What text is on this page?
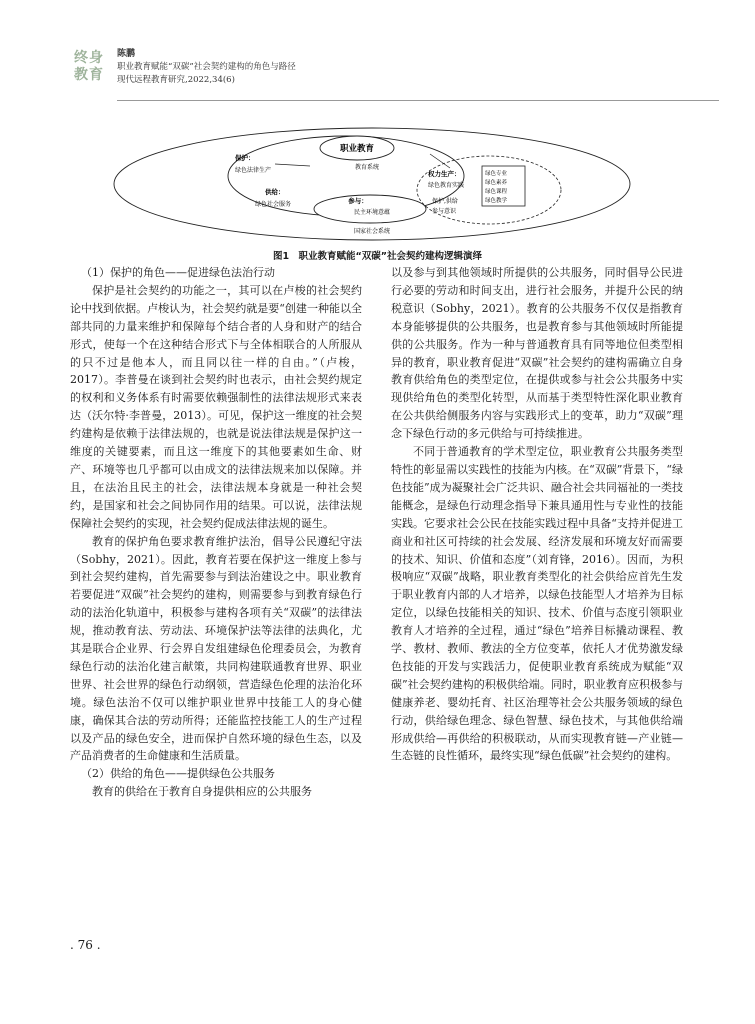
终身
教育
陈鹏
职业教育赋能“双碳”社会契约建构的角色与路径
现代远程教育研究,2022,34(6)
职业教育
教育系统
参与：
民主环境意蕴
保护：
绿色法律生产
供给：
绿色社会服务
权力生产：
绿色教育实践
保护,供给
参与意识
绿色专业
绿色素养
绿色课程
绿色教学
国家社会系统
图1　职业教育赋能“双碳”社会契约建构逻辑演绎

（1）保护的角色——促进绿色法治行动

保护是社会契约的功能之一，其可以在卢梭的社会契约论中找到依据。卢梭认为，社会契约就是要“创建一种能以全部共同的力量来维护和保障每个结合者的人身和财产的结合形式，使每一个在这种结合形式下与全体相联合的人所服从的只不过是他本人，而且同以往一样的自由。”（卢梭，2017）。李普曼在谈到社会契约时也表示，由社会契约规定的权利和义务体系有时需要依赖强制性的法律法规形式来表达（沃尔特·李普曼，2013）。可见，保护这一维度的社会契约建构是依赖于法律法规的，也就是说法律法规是保护这一维度的关键要素，而且这一维度下的其他要素如生命、财产、环境等也几乎都可以由成文的法律法规来加以保障。并且，在法治且民主的社会，法律法规本身就是一种社会契约，是国家和社会之间协同作用的结果。可以说，法律法规保障社会契约的实现，社会契约促成法律法规的诞生。

教育的保护角色要求教育维护法治，倡导公民遵纪守法（Sobhy，2021）。因此，教育若要在保护这一维度上参与到社会契约建构，首先需要参与到法治建设之中。职业教育若要促进“双碳”社会契约的建构，则需要参与到教育绿色行动的法治化轨道中，积极参与建构各项有关“双碳”的法律法规，推动教育法、劳动法、环境保护法等法律的法典化，尤其是联合企业界、行会界自发组建绿色伦理委员会，为教育绿色行动的法治化建言献策，共同构建联通教育世界、职业世界、社会世界的绿色行动纲领，营造绿色伦理的法治化环境。绿色法治不仅可以维护职业世界中技能工人的身心健康，确保其合法的劳动所得；还能监控技能工人的生产过程以及产品的绿色安全，进而保护自然环境的绿色生态，以及产品消费者的生命健康和生活质量。

（2）供给的角色——提供绿色公共服务

教育的供给在于教育自身提供相应的公共服务

以及参与到其他领域时所提供的公共服务，同时倡导公民进行必要的劳动和时间支出，进行社会服务，并提升公民的纳税意识（Sobhy，2021）。教育的公共服务不仅仅是指教育本身能够提供的公共服务，也是教育参与其他领域时所能提供的公共服务。作为一种与普通教育具有同等地位但类型相异的教育，职业教育促进“双碳”社会契约的建构需确立自身教育供给角色的类型定位，在提供或参与社会公共服务中实现供给角色的类型化转型，从而基于类型特性深化职业教育在公共供给侧服务内容与实践形式上的变革，助力“双碳”理念下绿色行动的多元供给与可持续推进。

不同于普通教育的学术型定位，职业教育公共服务类型特性的彰显需以实践性的技能为内核。在“双碳”背景下，“绿色技能”成为凝聚社会广泛共识、融合社会共同福祉的一类技能概念，是绿色行动理念指导下兼具通用性与专业性的技能实践。它要求社会公民在技能实践过程中具备“支持并促进工商业和社区可持续的社会发展、经济发展和环境友好而需要的技术、知识、价值和态度”（刘育锋，2016）。因而，为积极响应“双碳”战略，职业教育类型化的社会供给应首先生发于职业教育内部的人才培养，以绿色技能型人才培养为目标定位，以绿色技能相关的知识、技术、价值与态度引领职业教育人才培养的全过程，通过“绿色”培养目标撬动课程、教学、教材、教师、教法的全方位变革，依托人才优势激发绿色技能的开发与实践活力，促使职业教育系统成为赋能“双碳”社会契约建构的积极供给端。同时，职业教育应积极参与健康养老、婴幼托育、社区治理等社会公共服务领域的绿色行动，供给绿色理念、绿色智慧、绿色技术，与其他供给端形成供给—再供给的积极联动，从而实现教育链—产业链—生态链的良性循环，最终实现“绿色低碳”社会契约的建构。

. 76 .
